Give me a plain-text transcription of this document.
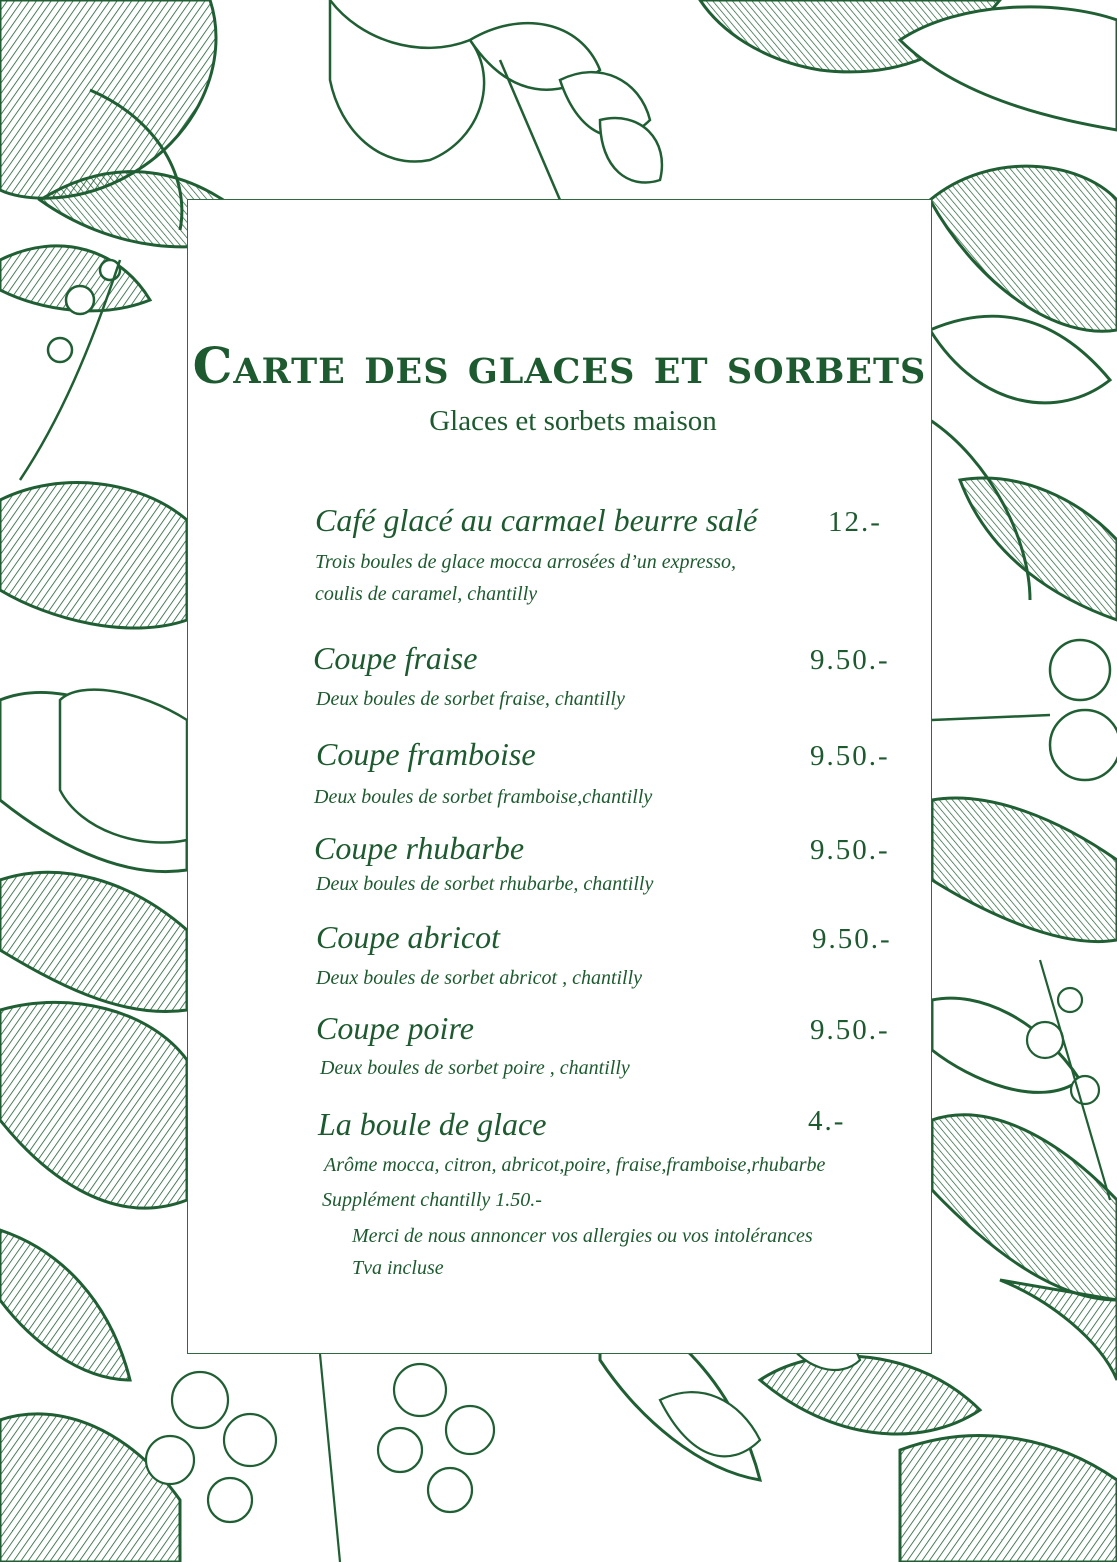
Carte des glaces et sorbets
Glaces et sorbets maison
Café glacé au carmael beurre salé 12.-
Trois boules de glace mocca arrosées d’un expresso,
coulis de caramel, chantilly
Coupe fraise	9.50.-
Deux boules de sorbet fraise, chantilly
Coupe framboise	9.50.-
Deux boules de sorbet framboise,chantilly
Coupe rhubarbe	9.50.-
Deux boules de sorbet rhubarbe, chantilly
Coupe abricot	9.50.-
Deux boules de sorbet abricot , chantilly
Coupe poire	9.50.-
Deux boules de sorbet poire , chantilly
La boule de glace	4.-
Arôme mocca, citron, abricot,poire, fraise,framboise,rhubarbe
Supplément chantilly 1.50.-
Merci de nous annoncer vos allergies ou vos intolérances
Tva incluse
